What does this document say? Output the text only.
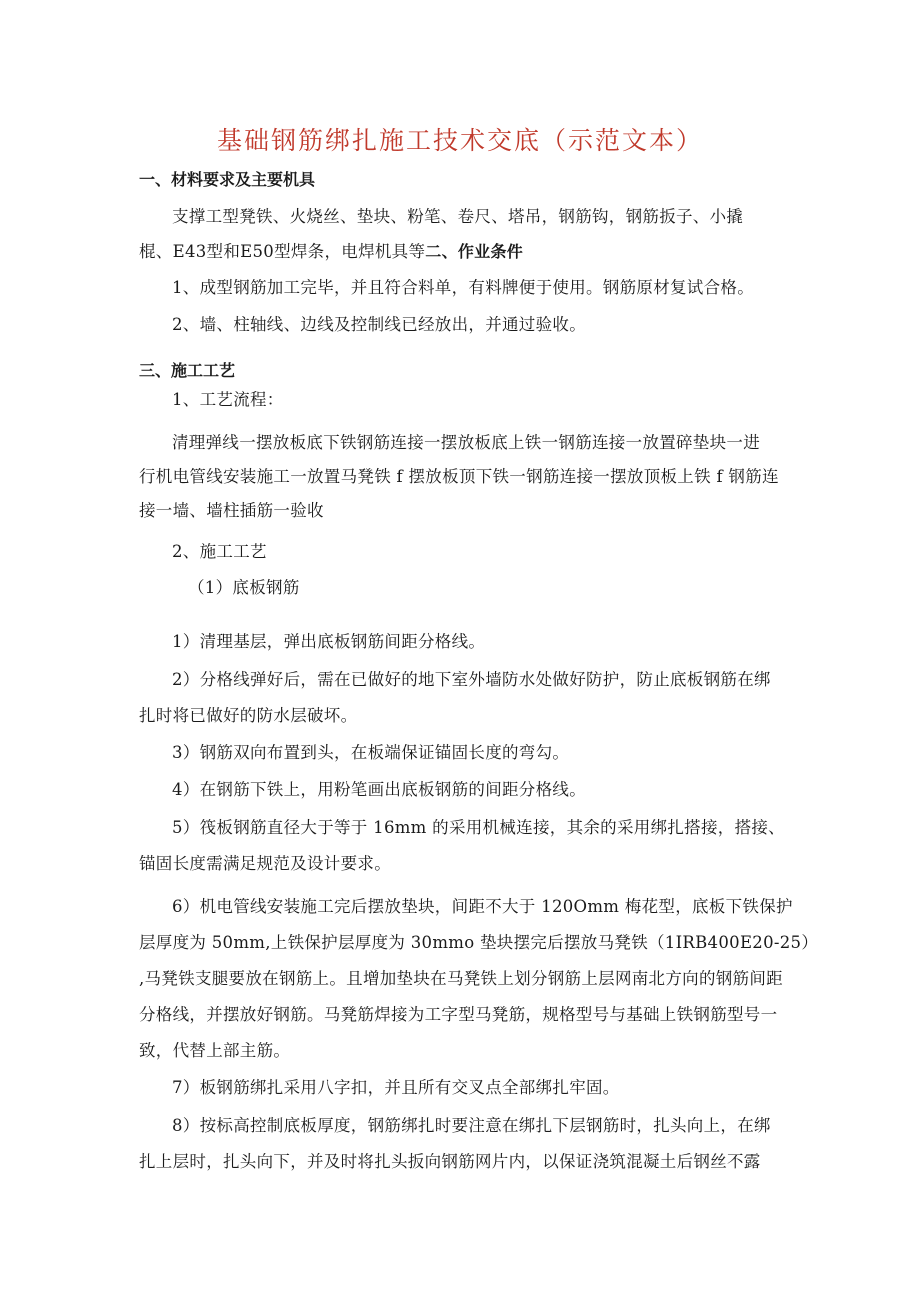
基础钢筋绑扎施工技术交底（示范文本）
一、材料要求及主要机具
支撑工型凳铁、火烧丝、垫块、粉笔、卷尺、塔吊，钢筋钩，钢筋扳子、小撬
棍、E43型和E50型焊条，电焊机具等二、作业条件
1、成型钢筋加工完毕，并且符合料单，有料牌便于使用。钢筋原材复试合格。
2、墙、柱轴线、边线及控制线已经放出，并通过验收。
三、施工工艺
1、工艺流程：
清理弹线一摆放板底下铁钢筋连接一摆放板底上铁一钢筋连接一放置碎垫块一进
行机电管线安装施工一放置马凳铁 f 摆放板顶下铁一钢筋连接一摆放顶板上铁 f 钢筋连
接一墙、墙柱插筋一验收
2、施工工艺
（1）底板钢筋
1）清理基层，弹出底板钢筋间距分格线。
2）分格线弹好后，需在已做好的地下室外墙防水处做好防护，防止底板钢筋在绑
扎时将已做好的防水层破坏。
3）钢筋双向布置到头，在板端保证锚固长度的弯勾。
4）在钢筋下铁上，用粉笔画出底板钢筋的间距分格线。
5）筏板钢筋直径大于等于 16mm 的采用机械连接，其余的采用绑扎搭接，搭接、
锚固长度需满足规范及设计要求。
6）机电管线安装施工完后摆放垫块，间距不大于 120Omm 梅花型，底板下铁保护
层厚度为 50mm,上铁保护层厚度为 30mmo 垫块摆完后摆放马凳铁（1IRB400E20-25）
,马凳铁支腿要放在钢筋上。且增加垫块在马凳铁上划分钢筋上层网南北方向的钢筋间距
分格线，并摆放好钢筋。马凳筋焊接为工字型马凳筋，规格型号与基础上铁钢筋型号一
致，代替上部主筋。
7）板钢筋绑扎采用八字扣，并且所有交叉点全部绑扎牢固。
8）按标高控制底板厚度，钢筋绑扎时要注意在绑扎下层钢筋时，扎头向上，在绑
扎上层时，扎头向下，并及时将扎头扳向钢筋网片内，以保证浇筑混凝土后钢丝不露
